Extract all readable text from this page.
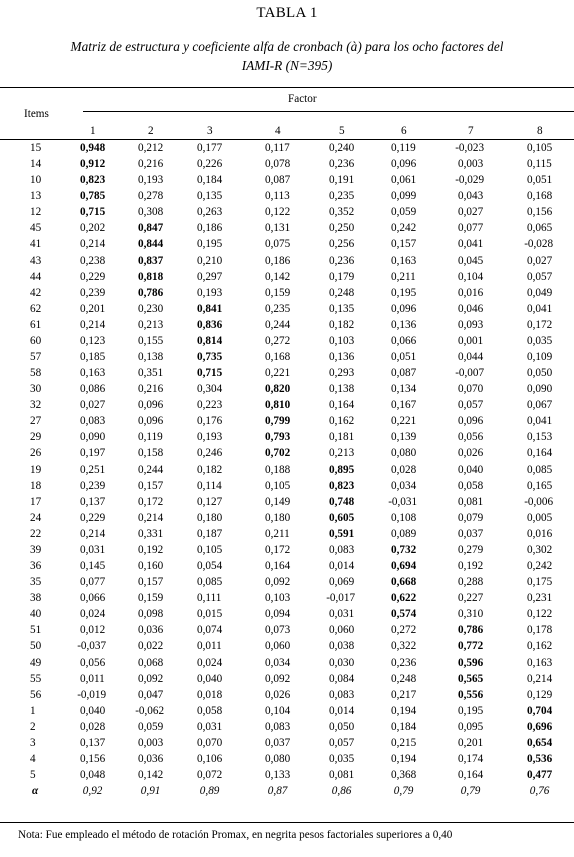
TABLA 1
Matriz de estructura y coeficiente alfa de cronbach (à) para los ocho factores del
IAMI-R (N=395)
Items
Factor
1	2	3	4	5	6	7	8
15	0,948	0,212	0,177	0,117	0,240	0,119	-0,023	0,105
14	0,912	0,216	0,226	0,078	0,236	0,096	0,003	0,115
10	0,823	0,193	0,184	0,087	0,191	0,061	-0,029	0,051
13	0,785	0,278	0,135	0,113	0,235	0,099	0,043	0,168
12	0,715	0,308	0,263	0,122	0,352	0,059	0,027	0,156
45	0,202	0,847	0,186	0,131	0,250	0,242	0,077	0,065
41	0,214	0,844	0,195	0,075	0,256	0,157	0,041	-0,028
43	0,238	0,837	0,210	0,186	0,236	0,163	0,045	0,027
44	0,229	0,818	0,297	0,142	0,179	0,211	0,104	0,057
42	0,239	0,786	0,193	0,159	0,248	0,195	0,016	0,049
62	0,201	0,230	0,841	0,235	0,135	0,096	0,046	0,041
61	0,214	0,213	0,836	0,244	0,182	0,136	0,093	0,172
60	0,123	0,155	0,814	0,272	0,103	0,066	0,001	0,035
57	0,185	0,138	0,735	0,168	0,136	0,051	0,044	0,109
58	0,163	0,351	0,715	0,221	0,293	0,087	-0,007	0,050
30	0,086	0,216	0,304	0,820	0,138	0,134	0,070	0,090
32	0,027	0,096	0,223	0,810	0,164	0,167	0,057	0,067
27	0,083	0,096	0,176	0,799	0,162	0,221	0,096	0,041
29	0,090	0,119	0,193	0,793	0,181	0,139	0,056	0,153
26	0,197	0,158	0,246	0,702	0,213	0,080	0,026	0,164
19	0,251	0,244	0,182	0,188	0,895	0,028	0,040	0,085
18	0,239	0,157	0,114	0,105	0,823	0,034	0,058	0,165
17	0,137	0,172	0,127	0,149	0,748	-0,031	0,081	-0,006
24	0,229	0,214	0,180	0,180	0,605	0,108	0,079	0,005
22	0,214	0,331	0,187	0,211	0,591	0,089	0,037	0,016
39	0,031	0,192	0,105	0,172	0,083	0,732	0,279	0,302
36	0,145	0,160	0,054	0,164	0,014	0,694	0,192	0,242
35	0,077	0,157	0,085	0,092	0,069	0,668	0,288	0,175
38	0,066	0,159	0,111	0,103	-0,017	0,622	0,227	0,231
40	0,024	0,098	0,015	0,094	0,031	0,574	0,310	0,122
51	0,012	0,036	0,074	0,073	0,060	0,272	0,786	0,178
50	-0,037	0,022	0,011	0,060	0,038	0,322	0,772	0,162
49	0,056	0,068	0,024	0,034	0,030	0,236	0,596	0,163
55	0,011	0,092	0,040	0,092	0,084	0,248	0,565	0,214
56	-0,019	0,047	0,018	0,026	0,083	0,217	0,556	0,129
1	0,040	-0,062	0,058	0,104	0,014	0,194	0,195	0,704
2	0,028	0,059	0,031	0,083	0,050	0,184	0,095	0,696
3	0,137	0,003	0,070	0,037	0,057	0,215	0,201	0,654
4	0,156	0,036	0,106	0,080	0,035	0,194	0,174	0,536
5	0,048	0,142	0,072	0,133	0,081	0,368	0,164	0,477
α	0,92	0,91	0,89	0,87	0,86	0,79	0,79	0,76
Nota: Fue empleado el método de rotación Promax, en negrita pesos factoriales superiores a 0,40
